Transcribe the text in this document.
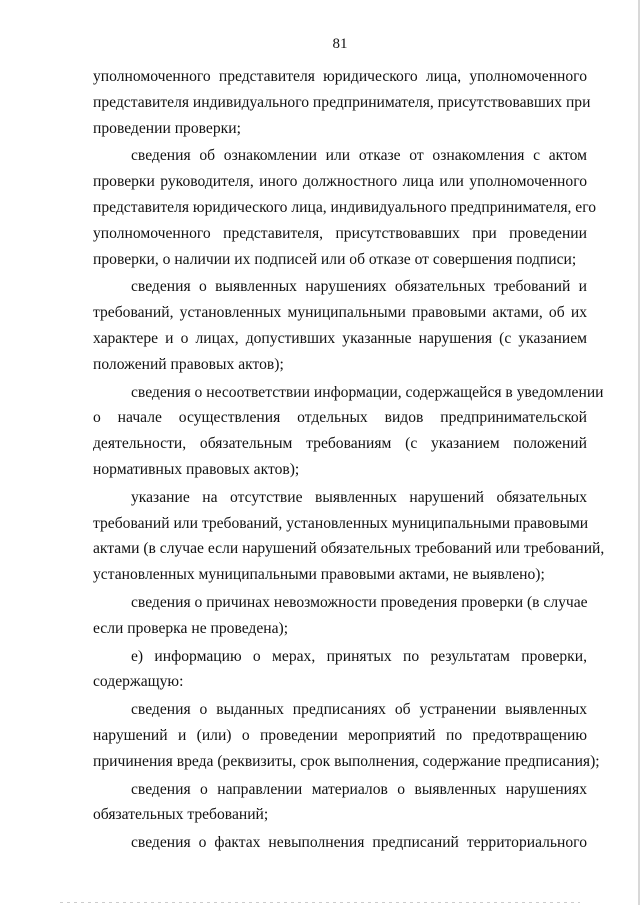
81
уполномоченного представителя юридического лица, уполномоченного
представителя индивидуального предпринимателя, присутствовавших при
проведении проверки;
сведения об ознакомлении или отказе от ознакомления с актом
проверки руководителя, иного должностного лица или уполномоченного
представителя юридического лица, индивидуального предпринимателя, его
уполномоченного представителя, присутствовавших при проведении
проверки, о наличии их подписей или об отказе от совершения подписи;
сведения о выявленных нарушениях обязательных требований и
требований, установленных муниципальными правовыми актами, об их
характере и о лицах, допустивших указанные нарушения (с указанием
положений правовых актов);
сведения о несоответствии информации, содержащейся в уведомлении
о начале осуществления отдельных видов предпринимательской
деятельности, обязательным требованиям (с указанием положений
нормативных правовых актов);
указание на отсутствие выявленных нарушений обязательных
требований или требований, установленных муниципальными правовыми
актами (в случае если нарушений обязательных требований или требований,
установленных муниципальными правовыми актами, не выявлено);
сведения о причинах невозможности проведения проверки (в случае
если проверка не проведена);
е) информацию о мерах, принятых по результатам проверки,
содержащую:
сведения о выданных предписаниях об устранении выявленных
нарушений и (или) о проведении мероприятий по предотвращению
причинения вреда (реквизиты, срок выполнения, содержание предписания);
сведения о направлении материалов о выявленных нарушениях
обязательных требований;
сведения о фактах невыполнения предписаний территориального
